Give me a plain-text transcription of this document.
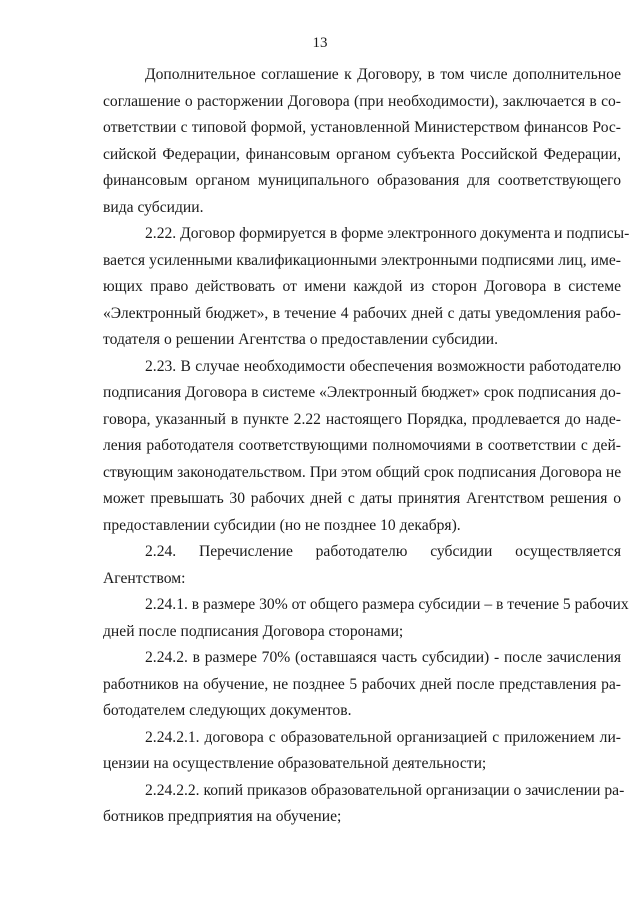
13

Дополнительное соглашение к Договору, в том числе дополнительное
соглашение о расторжении Договора (при необходимости), заключается в со-
ответствии с типовой формой, установленной Министерством финансов Рос-
сийской Федерации, финансовым органом субъекта Российской Федерации,
финансовым органом муниципального образования для соответствующего
вида субсидии.

2.22. Договор формируется в форме электронного документа и подписы-
вается усиленными квалификационными электронными подписями лиц, име-
ющих право действовать от имени каждой из сторон Договора в системе
«Электронный бюджет», в течение 4 рабочих дней с даты уведомления рабо-
тодателя о решении Агентства о предоставлении субсидии.

2.23. В случае необходимости обеспечения возможности работодателю
подписания Договора в системе «Электронный бюджет» срок подписания до-
говора, указанный в пункте 2.22 настоящего Порядка, продлевается до наде-
ления работодателя соответствующими полномочиями в соответствии с дей-
ствующим законодательством. При этом общий срок подписания Договора не
может превышать 30 рабочих дней с даты принятия Агентством решения о
предоставлении субсидии (но не позднее 10 декабря).

2.24. Перечисление работодателю субсидии осуществляется
Агентством:

2.24.1. в размере 30% от общего размера субсидии – в течение 5 рабочих
дней после подписания Договора сторонами;

2.24.2. в размере 70% (оставшаяся часть субсидии) - после зачисления
работников на обучение, не позднее 5 рабочих дней после представления ра-
ботодателем следующих документов.

2.24.2.1. договора с образовательной организацией с приложением ли-
цензии на осуществление образовательной деятельности;

2.24.2.2. копий приказов образовательной организации о зачислении ра-
ботников предприятия на обучение;
